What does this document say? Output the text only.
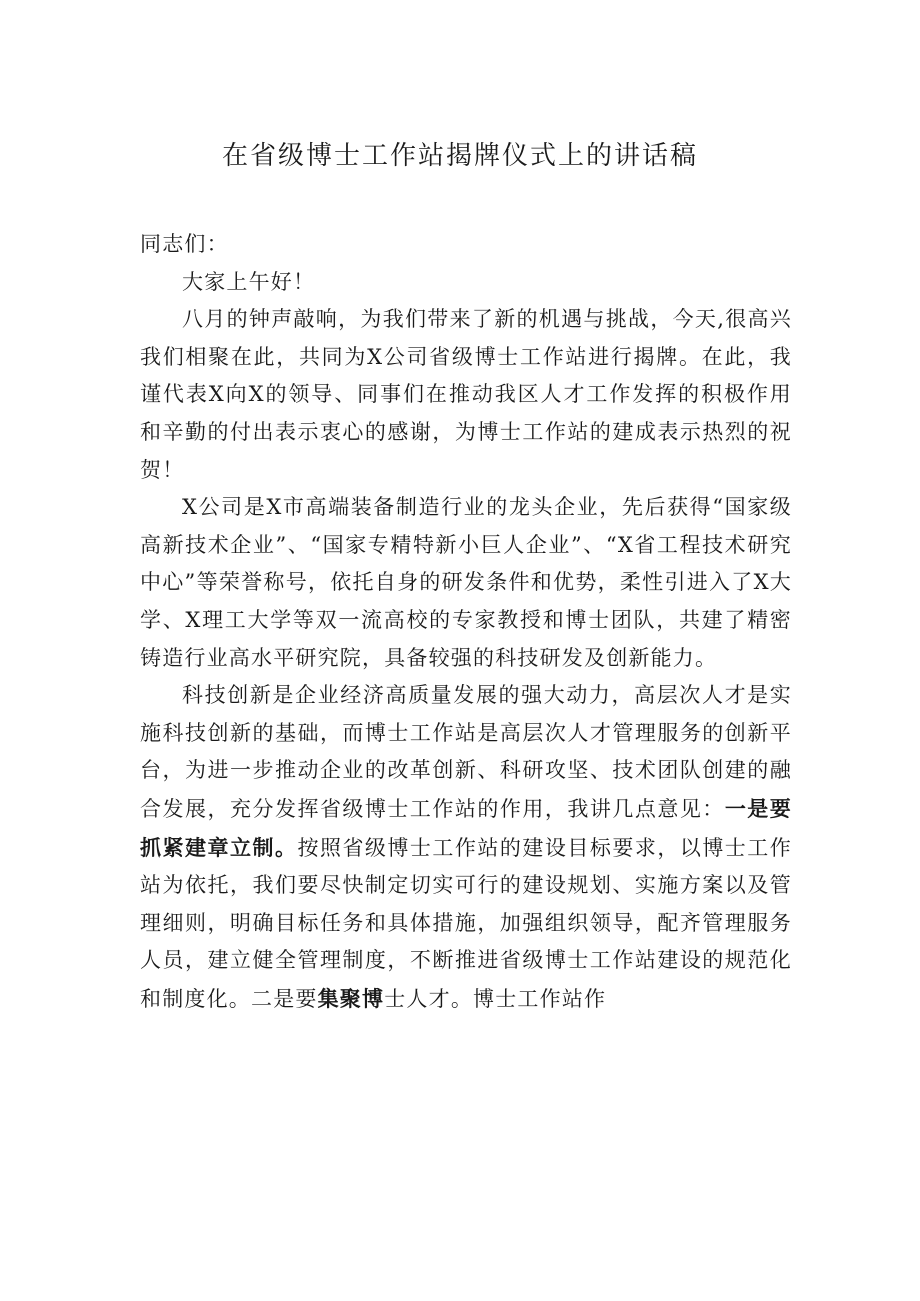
在省级博士工作站揭牌仪式上的讲话稿

同志们：

大家上午好！

八月的钟声敲响，为我们带来了新的机遇与挑战，今天,很高兴我们相聚在此，共同为X公司省级博士工作站进行揭牌。在此，我谨代表X向X的领导、同事们在推动我区人才工作发挥的积极作用和辛勤的付出表示衷心的感谢，为博士工作站的建成表示热烈的祝贺！

X公司是X市高端装备制造行业的龙头企业，先后获得“国家级高新技术企业”、“国家专精特新小巨人企业”、“X省工程技术研究中心”等荣誉称号，依托自身的研发条件和优势，柔性引进入了X大学、X理工大学等双一流高校的专家教授和博士团队，共建了精密铸造行业高水平研究院，具备较强的科技研发及创新能力。

科技创新是企业经济高质量发展的强大动力，高层次人才是实施科技创新的基础，而博士工作站是高层次人才管理服务的创新平台，为进一步推动企业的改革创新、科研攻坚、技术团队创建的融合发展，充分发挥省级博士工作站的作用，我讲几点意见：一是要抓紧建章立制。按照省级博士工作站的建设目标要求，以博士工作站为依托，我们要尽快制定切实可行的建设规划、实施方案以及管理细则，明确目标任务和具体措施，加强组织领导，配齐管理服务人员，建立健全管理制度，不断推进省级博士工作站建设的规范化和制度化。二是要集聚博士人才。博士工作站作
